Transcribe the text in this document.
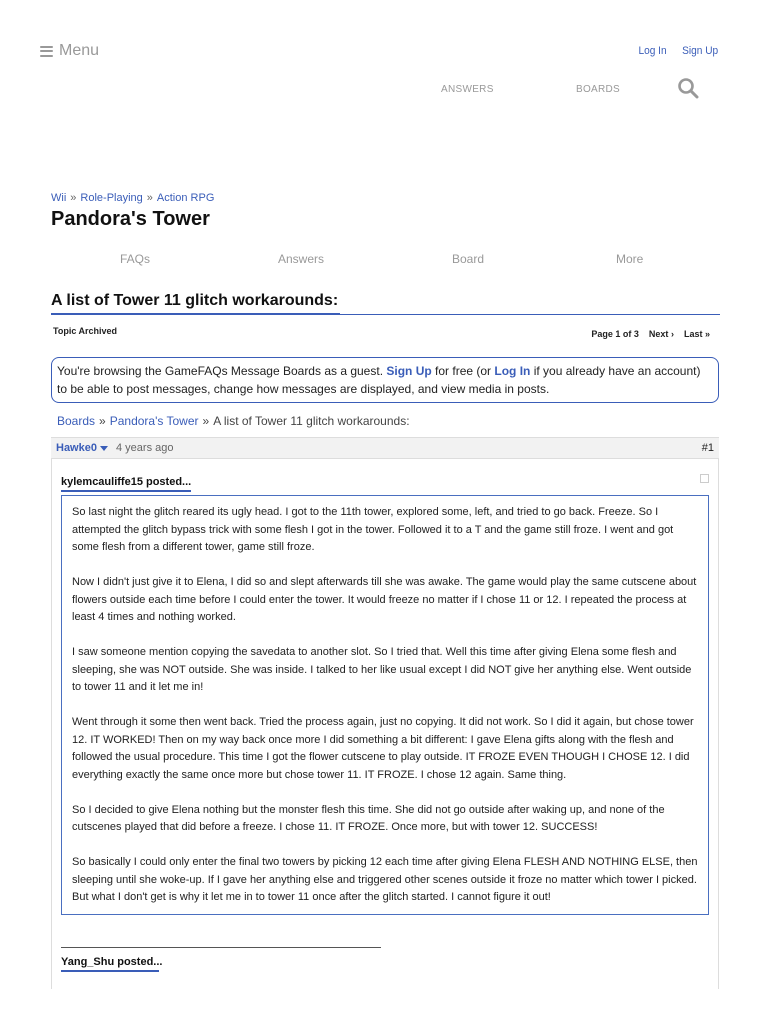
Menu	Log In Sign Up
ANSWERS	BOARDS
Wii » Role-Playing » Action RPG
Pandora's Tower
FAQs	Answers	Board	More
A list of Tower 11 glitch workarounds:
Topic Archived	Page 1 of 3 Next › Last »
You're browsing the GameFAQs Message Boards as a guest. Sign Up for free (or Log In if you already have an account) to be able to post messages, change how messages are displayed, and view media in posts.
Boards » Pandora's Tower » A list of Tower 11 glitch workarounds:
Hawke0 4 years ago	#1
kylemcauliffe15 posted...

So last night the glitch reared its ugly head. I got to the 11th tower, explored some, left, and tried to go back. Freeze. So I attempted the glitch bypass trick with some flesh I got in the tower. Followed it to a T and the game still froze. I went and got some flesh from a different tower, game still froze.

Now I didn't just give it to Elena, I did so and slept afterwards till she was awake. The game would play the same cutscene about flowers outside each time before I could enter the tower. It would freeze no matter if I chose 11 or 12. I repeated the process at least 4 times and nothing worked.

I saw someone mention copying the savedata to another slot. So I tried that. Well this time after giving Elena some flesh and sleeping, she was NOT outside. She was inside. I talked to her like usual except I did NOT give her anything else. Went outside to tower 11 and it let me in!

Went through it some then went back. Tried the process again, just no copying. It did not work. So I did it again, but chose tower 12. IT WORKED! Then on my way back once more I did something a bit different: I gave Elena gifts along with the flesh and followed the usual procedure. This time I got the flower cutscene to play outside. IT FROZE EVEN THOUGH I CHOSE 12. I did everything exactly the same once more but chose tower 11. IT FROZE. I chose 12 again. Same thing.

So I decided to give Elena nothing but the monster flesh this time. She did not go outside after waking up, and none of the cutscenes played that did before a freeze. I chose 11. IT FROZE. Once more, but with tower 12. SUCCESS!

So basically I could only enter the final two towers by picking 12 each time after giving Elena FLESH AND NOTHING ELSE, then sleeping until she woke-up. If I gave her anything else and triggered other scenes outside it froze no matter which tower I picked. But what I don't get is why it let me in to tower 11 once after the glitch started. I cannot figure it out!

Yang_Shu posted...
